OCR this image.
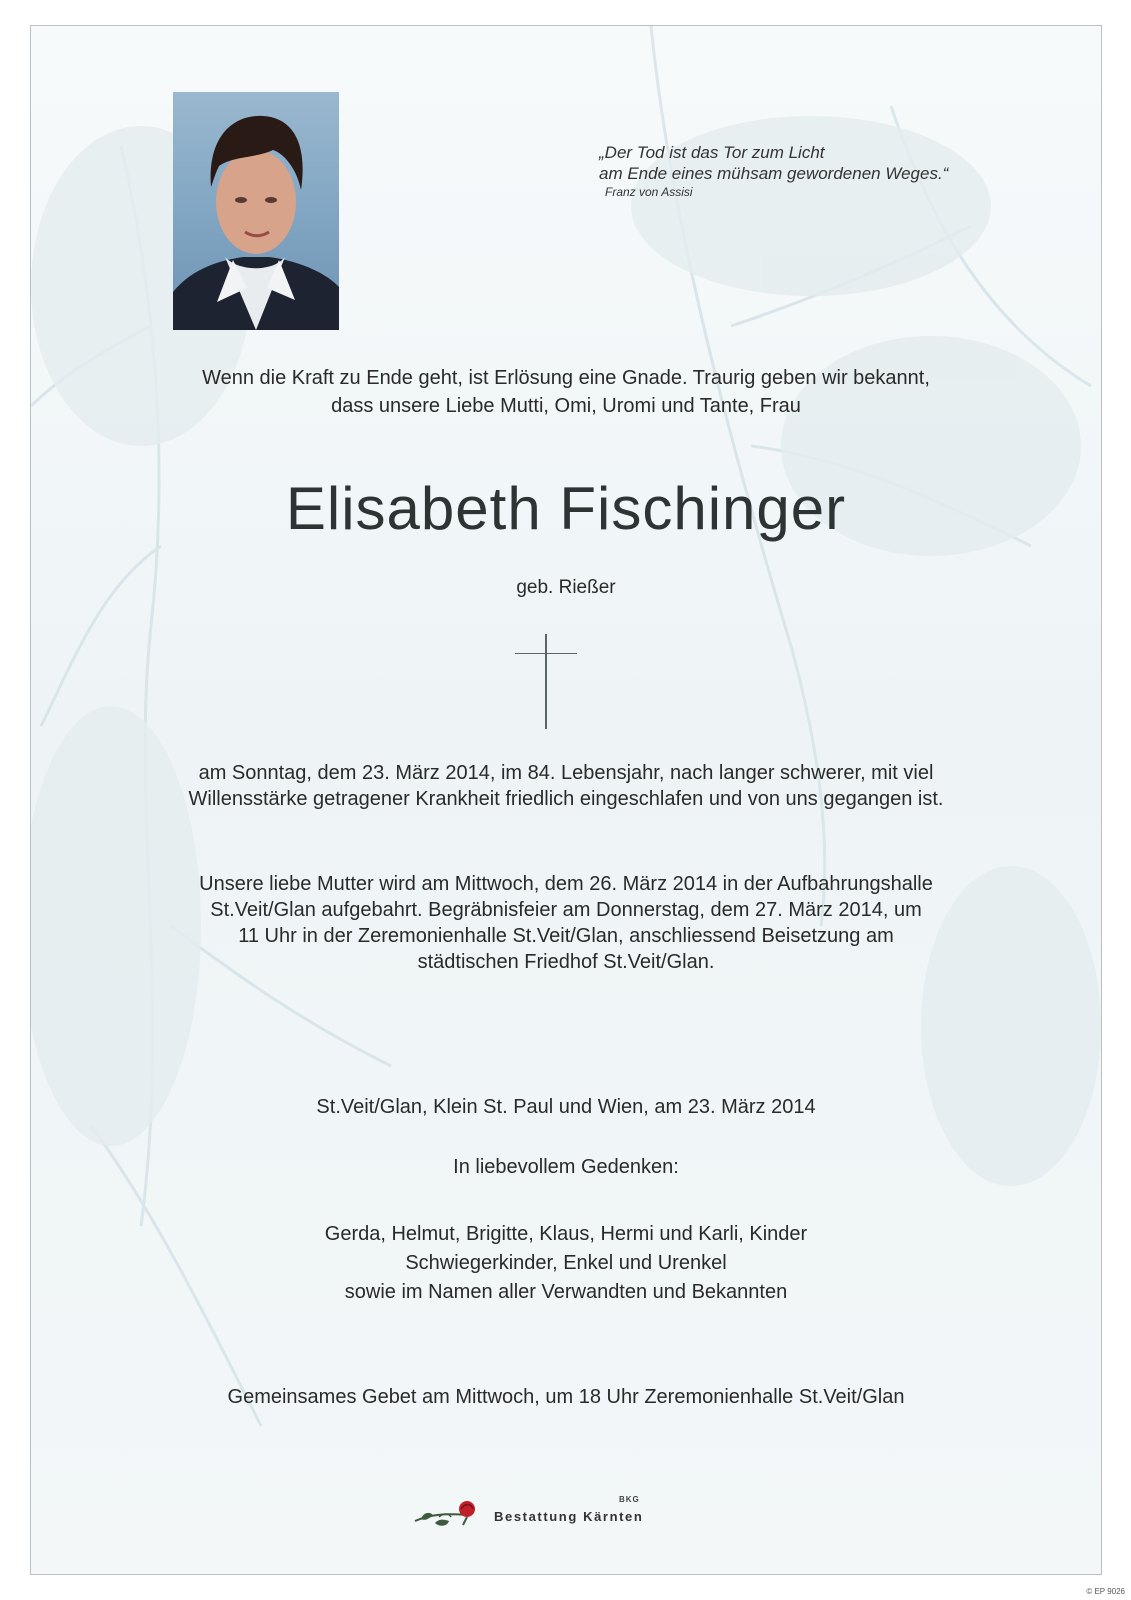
„Der Tod ist das Tor zum Licht
am Ende eines mühsam gewordenen Weges.“
Franz von Assisi
Wenn die Kraft zu Ende geht, ist Erlösung eine Gnade. Traurig geben wir bekannt,
dass unsere Liebe Mutti, Omi, Uromi und Tante, Frau
Elisabeth Fischinger
geb. Rießer
am Sonntag, dem 23. März 2014, im 84. Lebensjahr, nach langer schwerer, mit viel
Willensstärke getragener Krankheit friedlich eingeschlafen und von uns gegangen ist.
Unsere liebe Mutter wird am Mittwoch, dem 26. März 2014 in der Aufbahrungshalle
St.Veit/Glan aufgebahrt. Begräbnisfeier am Donnerstag, dem 27. März 2014, um
11 Uhr in der Zeremonienhalle St.Veit/Glan, anschliessend Beisetzung am
städtischen Friedhof St.Veit/Glan.
St.Veit/Glan, Klein St. Paul und Wien, am 23. März 2014
In liebevollem Gedenken:
Gerda, Helmut, Brigitte, Klaus, Hermi und Karli, Kinder
Schwiegerkinder, Enkel und Urenkel
sowie im Namen aller Verwandten und Bekannten
Gemeinsames Gebet am Mittwoch, um 18 Uhr Zeremonienhalle St.Veit/Glan
BKG
Bestattung Kärnten
© EP 9026
